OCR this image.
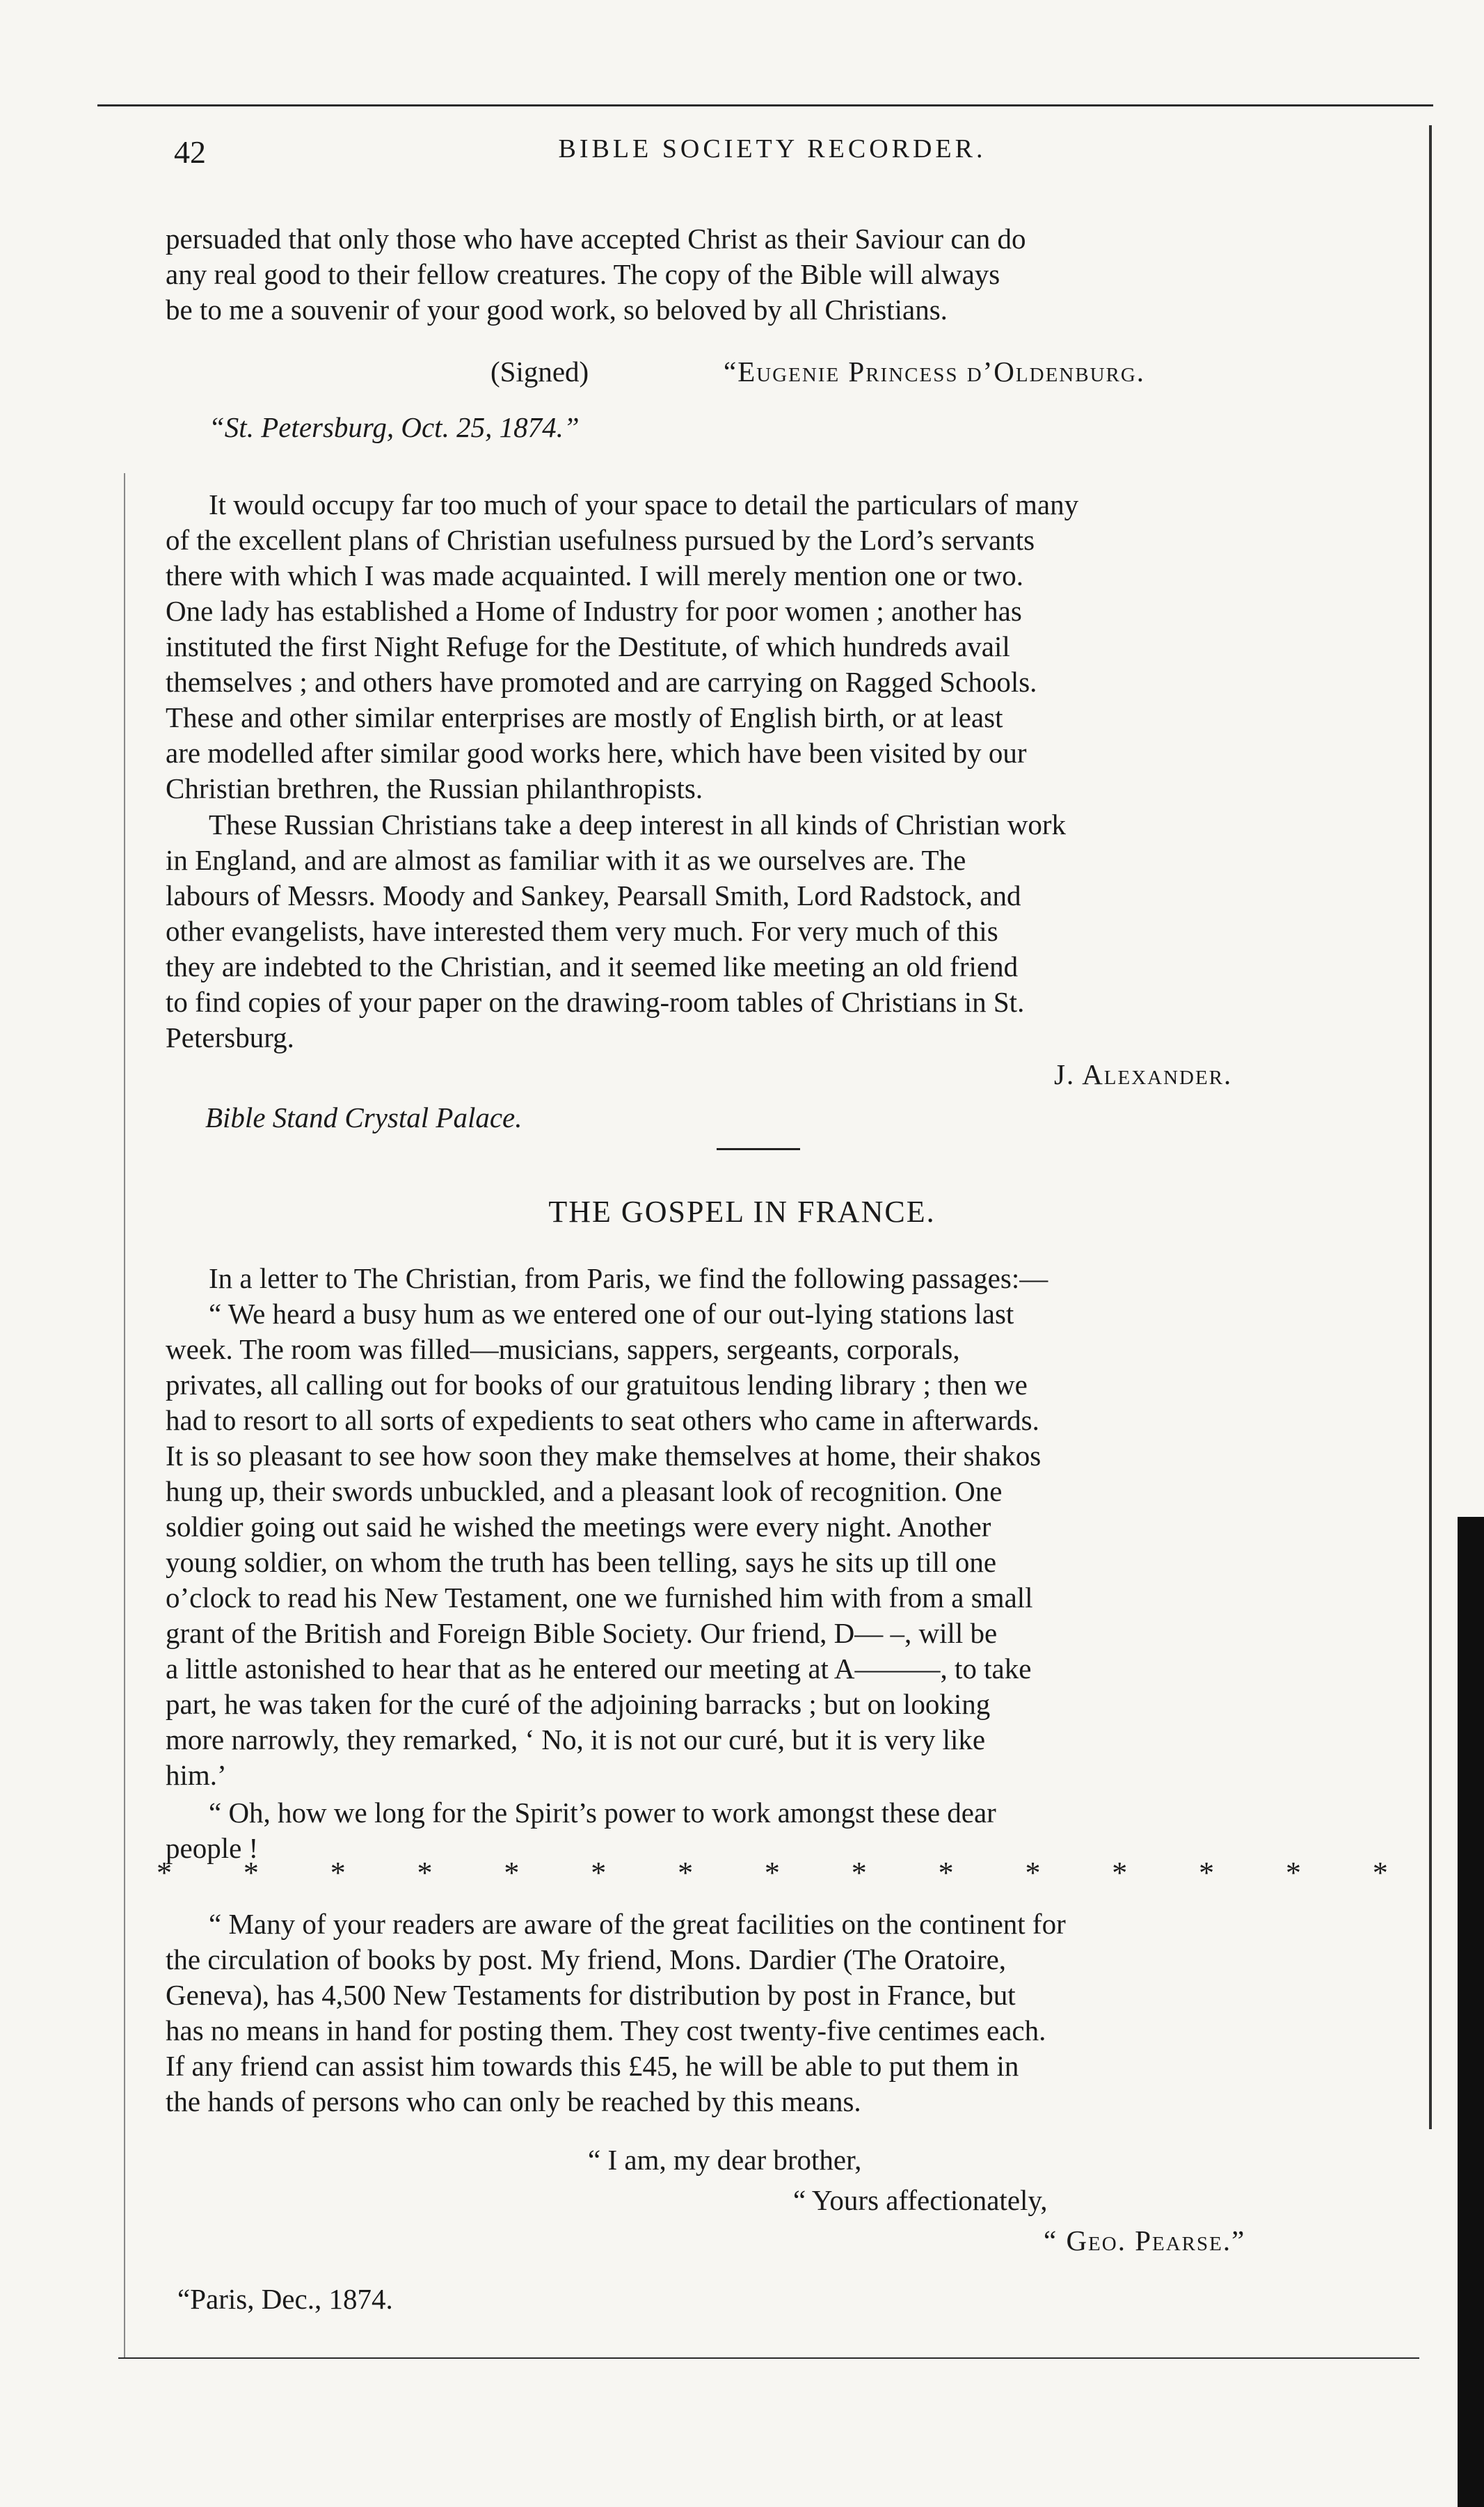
42	BIBLE SOCIETY RECORDER.
persuaded that only those who have accepted Christ as their Saviour can do
any real good to their fellow creatures. The copy of the Bible will always
be to me a souvenir of your good work, so beloved by all Christians.
(Signed)	“Eugenie Princess d’Oldenburg.
“St. Petersburg, Oct. 25, 1874.”
It would occupy far too much of your space to detail the particulars of many
of the excellent plans of Christian usefulness pursued by the Lord’s servants
there with which I was made acquainted. I will merely mention one or two.
One lady has established a Home of Industry for poor women ; another has
instituted the first Night Refuge for the Destitute, of which hundreds avail
themselves ; and others have promoted and are carrying on Ragged Schools.
These and other similar enterprises are mostly of English birth, or at least
are modelled after similar good works here, which have been visited by our
Christian brethren, the Russian philanthropists.
These Russian Christians take a deep interest in all kinds of Christian work
in England, and are almost as familiar with it as we ourselves are. The
labours of Messrs. Moody and Sankey, Pearsall Smith, Lord Radstock, and
other evangelists, have interested them very much. For very much of this
they are indebted to the Christian, and it seemed like meeting an old friend
to find copies of your paper on the drawing-room tables of Christians in St.
Petersburg.
J. Alexander.
Bible Stand Crystal Palace.
THE GOSPEL IN FRANCE.
In a letter to The Christian, from Paris, we find the following passages:—
“ We heard a busy hum as we entered one of our out-lying stations last
week. The room was filled—musicians, sappers, sergeants, corporals,
privates, all calling out for books of our gratuitous lending library ; then we
had to resort to all sorts of expedients to seat others who came in afterwards.
It is so pleasant to see how soon they make themselves at home, their shakos
hung up, their swords unbuckled, and a pleasant look of recognition. One
soldier going out said he wished the meetings were every night. Another
young soldier, on whom the truth has been telling, says he sits up till one
o’clock to read his New Testament, one we furnished him with from a small
grant of the British and Foreign Bible Society. Our friend, D— –, will be
a little astonished to hear that as he entered our meeting at A———, to take
part, he was taken for the curé of the adjoining barracks ; but on looking
more narrowly, they remarked, ‘ No, it is not our curé, but it is very like
him.’
“ Oh, how we long for the Spirit’s power to work amongst these dear
people !
* * * * * * * * * * * * * * *
“ Many of your readers are aware of the great facilities on the continent for
the circulation of books by post. My friend, Mons. Dardier (The Oratoire,
Geneva), has 4,500 New Testaments for distribution by post in France, but
has no means in hand for posting them. They cost twenty-five centimes each.
If any friend can assist him towards this £45, he will be able to put them in
the hands of persons who can only be reached by this means.
“ I am, my dear brother,
“ Yours affectionately,
“ Geo. Pearse.”
“Paris, Dec., 1874.
